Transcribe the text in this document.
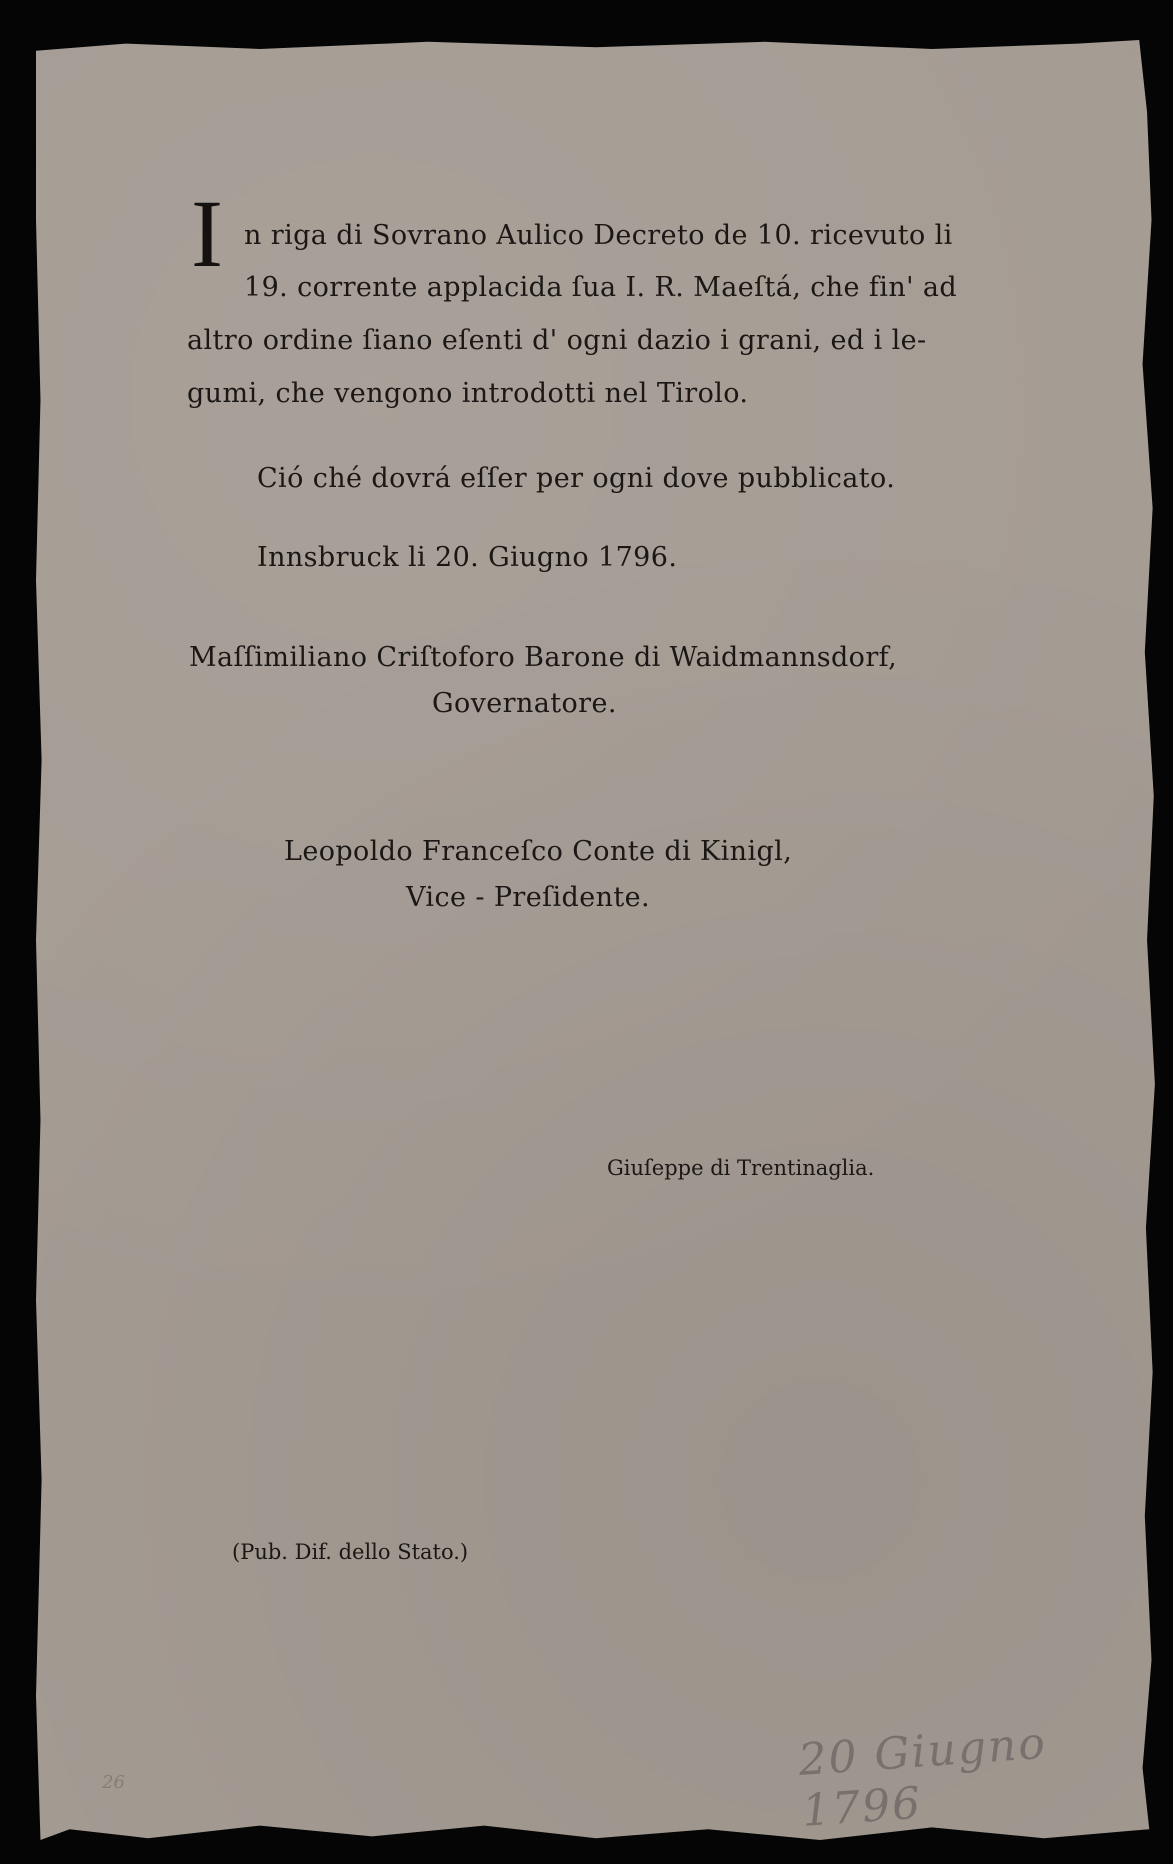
I n riga di Sovrano Aulico Decreto de 10. ricevuto li
19. corrente applacida ſua I. R. Maeſtá, che fin' ad
altro ordine ſiano eſenti d' ogni dazio i grani, ed i le-
gumi, che vengono introdotti nel Tirolo.
Ció ché dovrá eſſer per ogni dove pubblicato.
Innsbruck li 20. Giugno 1796.
Maſſimiliano Criſtoforo Barone di Waidmannsdorf,
Governatore.
Leopoldo Franceſco Conte di Kinigl,
Vice - Preſidente.
Giuſeppe di Trentinaglia.
(Pub. Dif. dello Stato.)
20 Giugno 1796
26
